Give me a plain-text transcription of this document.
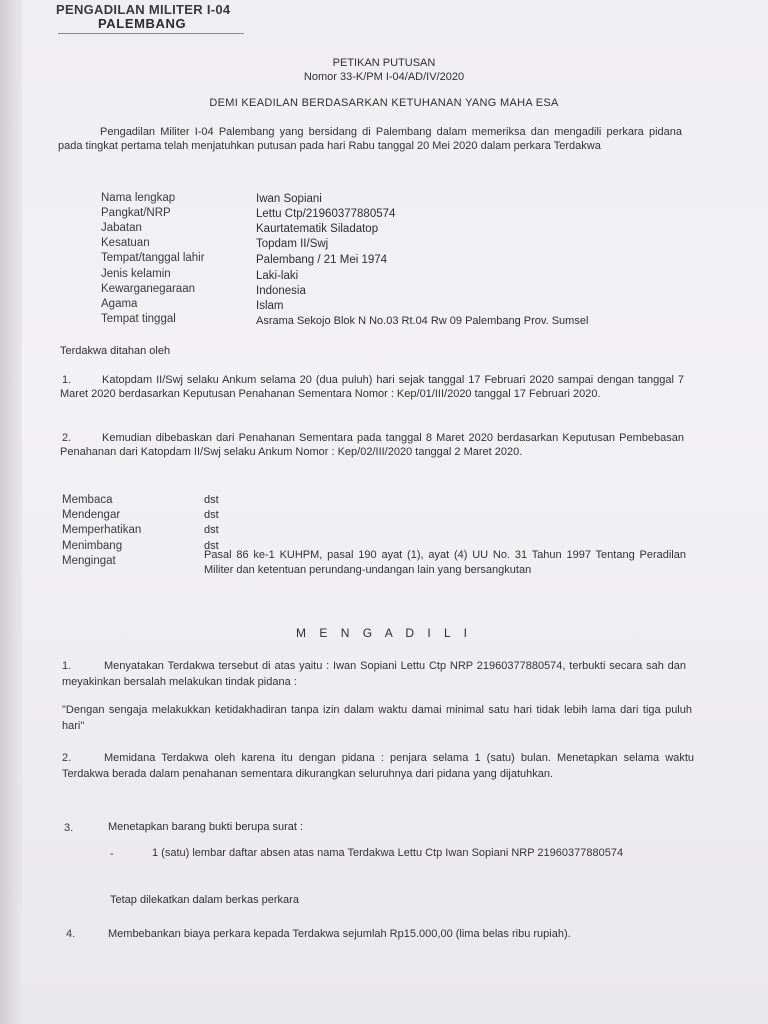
PENGADILAN MILITER I-04
PALEMBANG
PETIKAN PUTUSAN
Nomor 33-K/PM I-04/AD/IV/2020
DEMI KEADILAN BERDASARKAN KETUHANAN YANG MAHA ESA
Pengadilan Militer I-04 Palembang yang bersidang di Palembang dalam memeriksa dan mengadili perkara pidana pada tingkat pertama telah menjatuhkan putusan pada hari Rabu tanggal 20 Mei 2020 dalam perkara Terdakwa
Nama lengkap	Iwan Sopiani
Pangkat/NRP	Lettu Ctp/21960377880574
Jabatan	Kaurtatematik Siladatop
Kesatuan	Topdam II/Swj
Tempat/tanggal lahir	Palembang / 21 Mei 1974
Jenis kelamin	Laki-laki
Kewarganegaraan	Indonesia
Agama	Islam
Tempat tinggal	Asrama Sekojo Blok N No.03 Rt.04 Rw 09 Palembang Prov. Sumsel
Terdakwa ditahan oleh
1.	Katopdam II/Swj selaku Ankum selama 20 (dua puluh) hari sejak tanggal 17 Februari 2020 sampai dengan tanggal 7 Maret 2020 berdasarkan Keputusan Penahanan Sementara Nomor : Kep/01/III/2020 tanggal 17 Februari 2020.
2.	Kemudian dibebaskan dari Penahanan Sementara pada tanggal 8 Maret 2020 berdasarkan Keputusan Pembebasan Penahanan dari Katopdam II/Swj selaku Ankum Nomor : Kep/02/III/2020 tanggal 2 Maret 2020.
Membaca	dst
Mendengar	dst
Memperhatikan	dst
Menimbang	dst
Mengingat	Pasal 86 ke-1 KUHPM, pasal 190 ayat (1), ayat (4) UU No. 31 Tahun 1997 Tentang Peradilan Militer dan ketentuan perundang-undangan lain yang bersangkutan
M E N G A D I L I
1.	Menyatakan Terdakwa tersebut di atas yaitu : Iwan Sopiani Lettu Ctp NRP 21960377880574, terbukti secara sah dan meyakinkan bersalah melakukan tindak pidana :
"Dengan sengaja melakukkan ketidakhadiran tanpa izin dalam waktu damai minimal satu hari tidak lebih lama dari tiga puluh hari"
2.	Memidana Terdakwa oleh karena itu dengan pidana : penjara selama 1 (satu) bulan. Menetapkan selama waktu Terdakwa berada dalam penahanan sementara dikurangkan seluruhnya dari pidana yang dijatuhkan.
3.	Menetapkan barang bukti berupa surat :
-	1 (satu) lembar daftar absen atas nama Terdakwa Lettu Ctp Iwan Sopiani NRP 21960377880574
Tetap dilekatkan dalam berkas perkara
4.	Membebankan biaya perkara kepada Terdakwa sejumlah Rp15.000,00 (lima belas ribu rupiah).
